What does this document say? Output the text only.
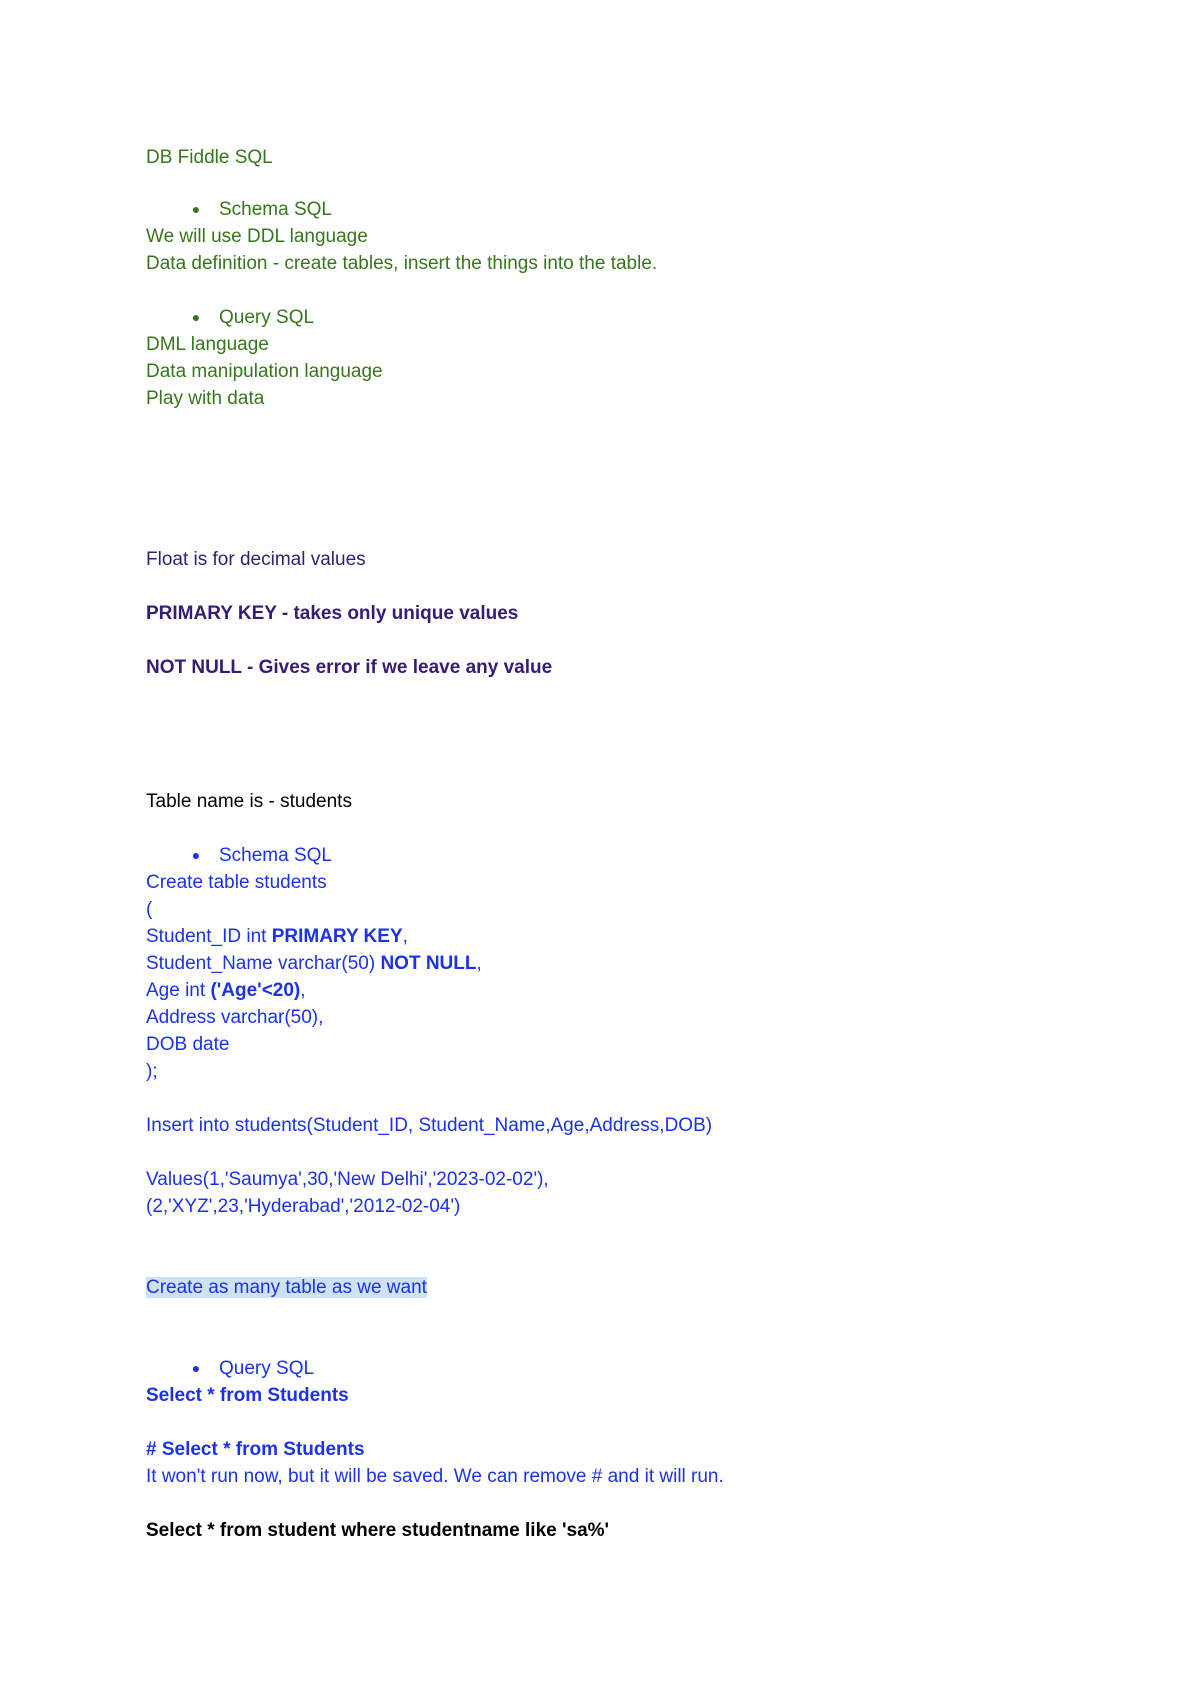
DB Fiddle SQL
● Schema SQL
We will use DDL language
Data definition - create tables, insert the things into the table.
● Query SQL
DML language
Data manipulation language
Play with data
Float is for decimal values
PRIMARY KEY - takes only unique values
NOT NULL - Gives error if we leave any value
Table name is - students
● Schema SQL
Create table students
(
Student_ID int PRIMARY KEY,
Student_Name varchar(50) NOT NULL,
Age int ('Age'<20),
Address varchar(50),
DOB date
);
Insert into students(Student_ID, Student_Name,Age,Address,DOB)
Values(1,'Saumya',30,'New Delhi','2023-02-02'),
(2,'XYZ',23,'Hyderabad','2012-02-04')
Create as many table as we want
● Query SQL
Select * from Students
# Select * from Students
It won't run now, but it will be saved. We can remove # and it will run.
Select * from student where studentname like 'sa%'
